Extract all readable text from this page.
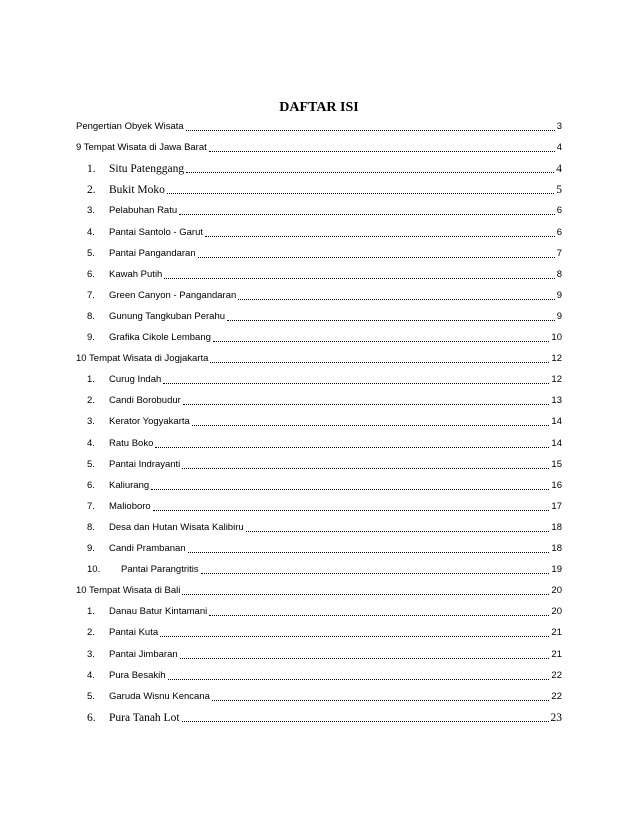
DAFTAR ISI
Pengertian Obyek Wisata	3
9 Tempat Wisata di Jawa Barat	4
1.	Situ Patenggang	4
2.	Bukit Moko	5
3.	Pelabuhan Ratu	6
4.	Pantai Santolo - Garut	6
5.	Pantai Pangandaran	7
6.	Kawah Putih	8
7.	Green Canyon - Pangandaran	9
8.	Gunung Tangkuban Perahu	9
9.	Grafika Cikole Lembang	10
10 Tempat Wisata di Jogjakarta	12
1.	Curug Indah	12
2.	Candi Borobudur	13
3.	Kerator Yogyakarta	14
4.	Ratu Boko	14
5.	Pantai Indrayanti	15
6.	Kaliurang	16
7.	Malioboro	17
8.	Desa dan Hutan Wisata Kalibiru	18
9.	Candi Prambanan	18
10.	Pantai Parangtritis	19
10 Tempat Wisata di Bali	20
1.	Danau Batur Kintamani	20
2.	Pantai Kuta	21
3.	Pantai Jimbaran	21
4.	Pura Besakih	22
5.	Garuda Wisnu Kencana	22
6.	Pura Tanah Lot	23
